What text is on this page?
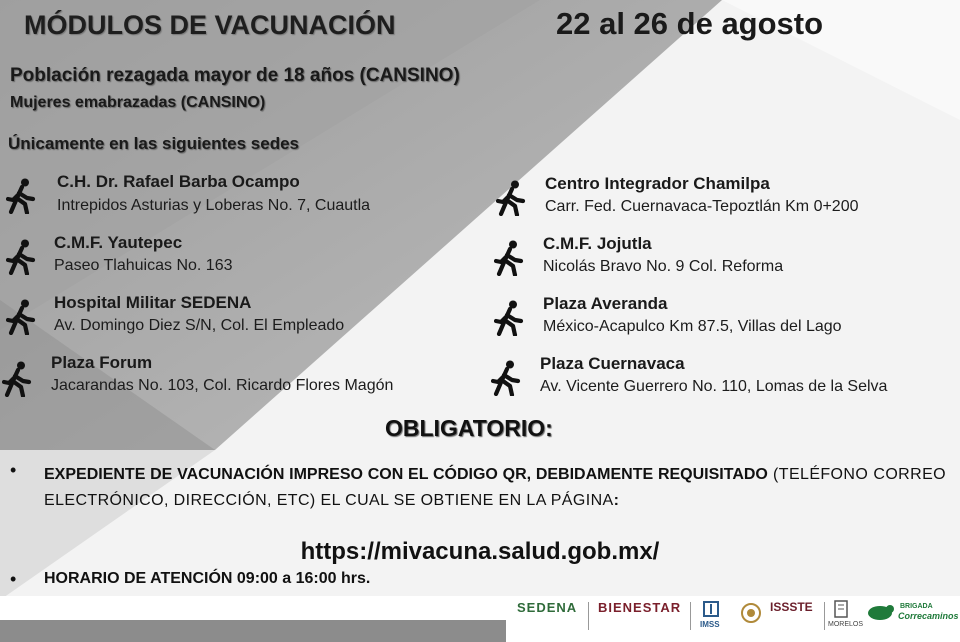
MÓDULOS DE VACUNACIÓN	22 al 26 de agosto
Población rezagada mayor de 18 años (CANSINO)
Mujeres emabrazadas (CANSINO)
Únicamente en las siguientes sedes
C.H. Dr. Rafael Barba Ocampo
Intrepidos Asturias y Loberas No. 7, Cuautla
C.M.F. Yautepec
Paseo Tlahuicas No. 163
Hospital Militar SEDENA
Av. Domingo Diez S/N, Col. El Empleado
Plaza Forum
Jacarandas No. 103, Col. Ricardo Flores Magón
Centro Integrador Chamilpa
Carr. Fed. Cuernavaca-Tepoztlán Km 0+200
C.M.F. Jojutla
Nicolás Bravo No. 9 Col. Reforma
Plaza Averanda
México-Acapulco Km 87.5, Villas del Lago
Plaza Cuernavaca
Av. Vicente Guerrero No. 110, Lomas de la Selva
OBLIGATORIO:
• EXPEDIENTE DE VACUNACIÓN IMPRESO CON EL CÓDIGO QR, DEBIDAMENTE REQUISITADO (TELÉFONO CORREO ELECTRÓNICO, DIRECCIÓN, ETC) EL CUAL SE OBTIENE EN LA PÁGINA:
https://mivacuna.salud.gob.mx/
• HORARIO DE ATENCIÓN 09:00 a 16:00 hrs.
SEDENA BIENESTAR
IMSS
ISSSTE
MORELOS
BRIGADA
Correcaminos
